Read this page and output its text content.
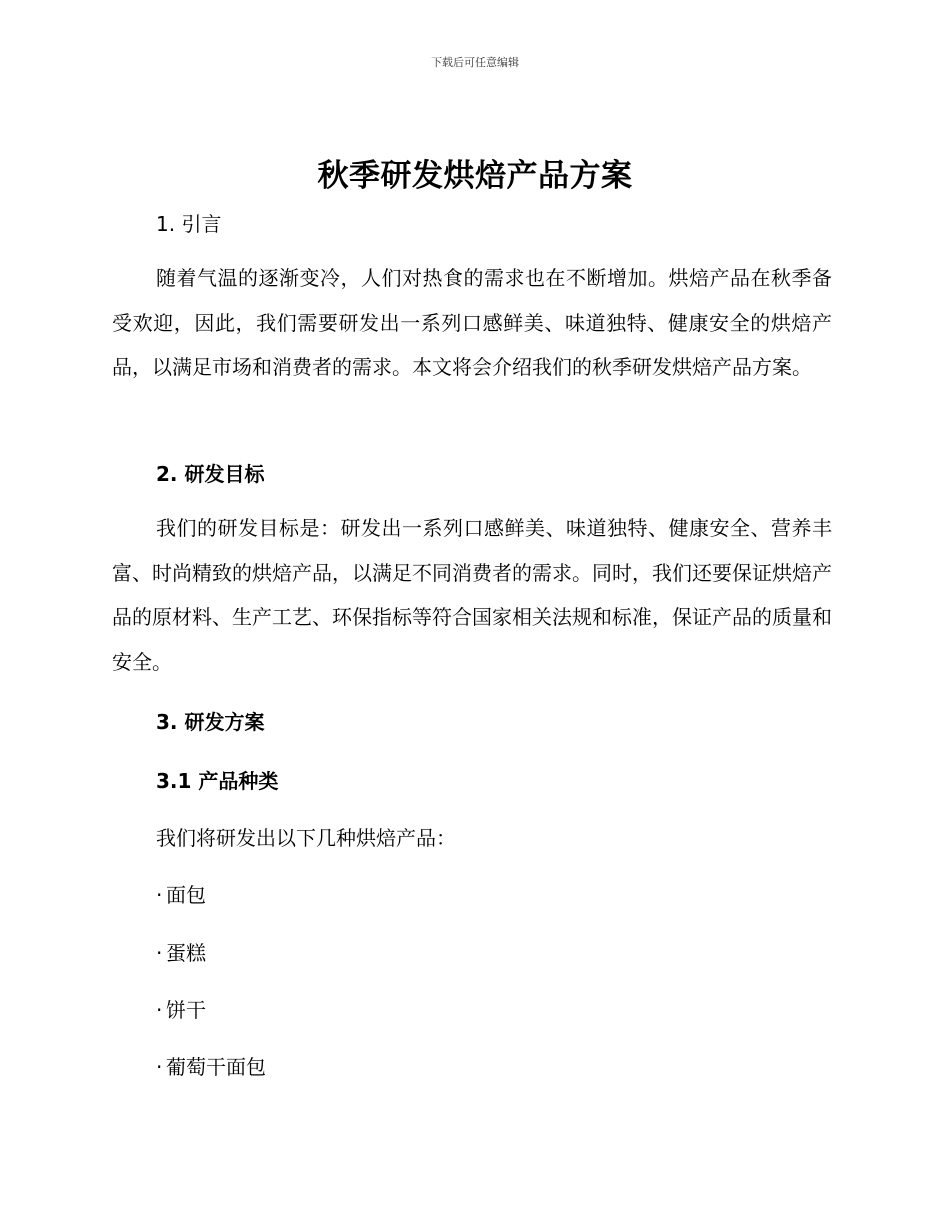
下载后可任意编辑
秋季研发烘焙产品方案
1. 引言
随着气温的逐渐变冷，人们对热食的需求也在不断增加。烘焙产品在秋季备受欢迎，因此，我们需要研发出一系列口感鲜美、味道独特、健康安全的烘焙产品，以满足市场和消费者的需求。本文将会介绍我们的秋季研发烘焙产品方案。
2. 研发目标
我们的研发目标是：研发出一系列口感鲜美、味道独特、健康安全、营养丰富、时尚精致的烘焙产品，以满足不同消费者的需求。同时，我们还要保证烘焙产品的原材料、生产工艺、环保指标等符合国家相关法规和标准，保证产品的质量和安全。
3. 研发方案
3.1 产品种类
我们将研发出以下几种烘焙产品：
· 面包
· 蛋糕
· 饼干
· 葡萄干面包
